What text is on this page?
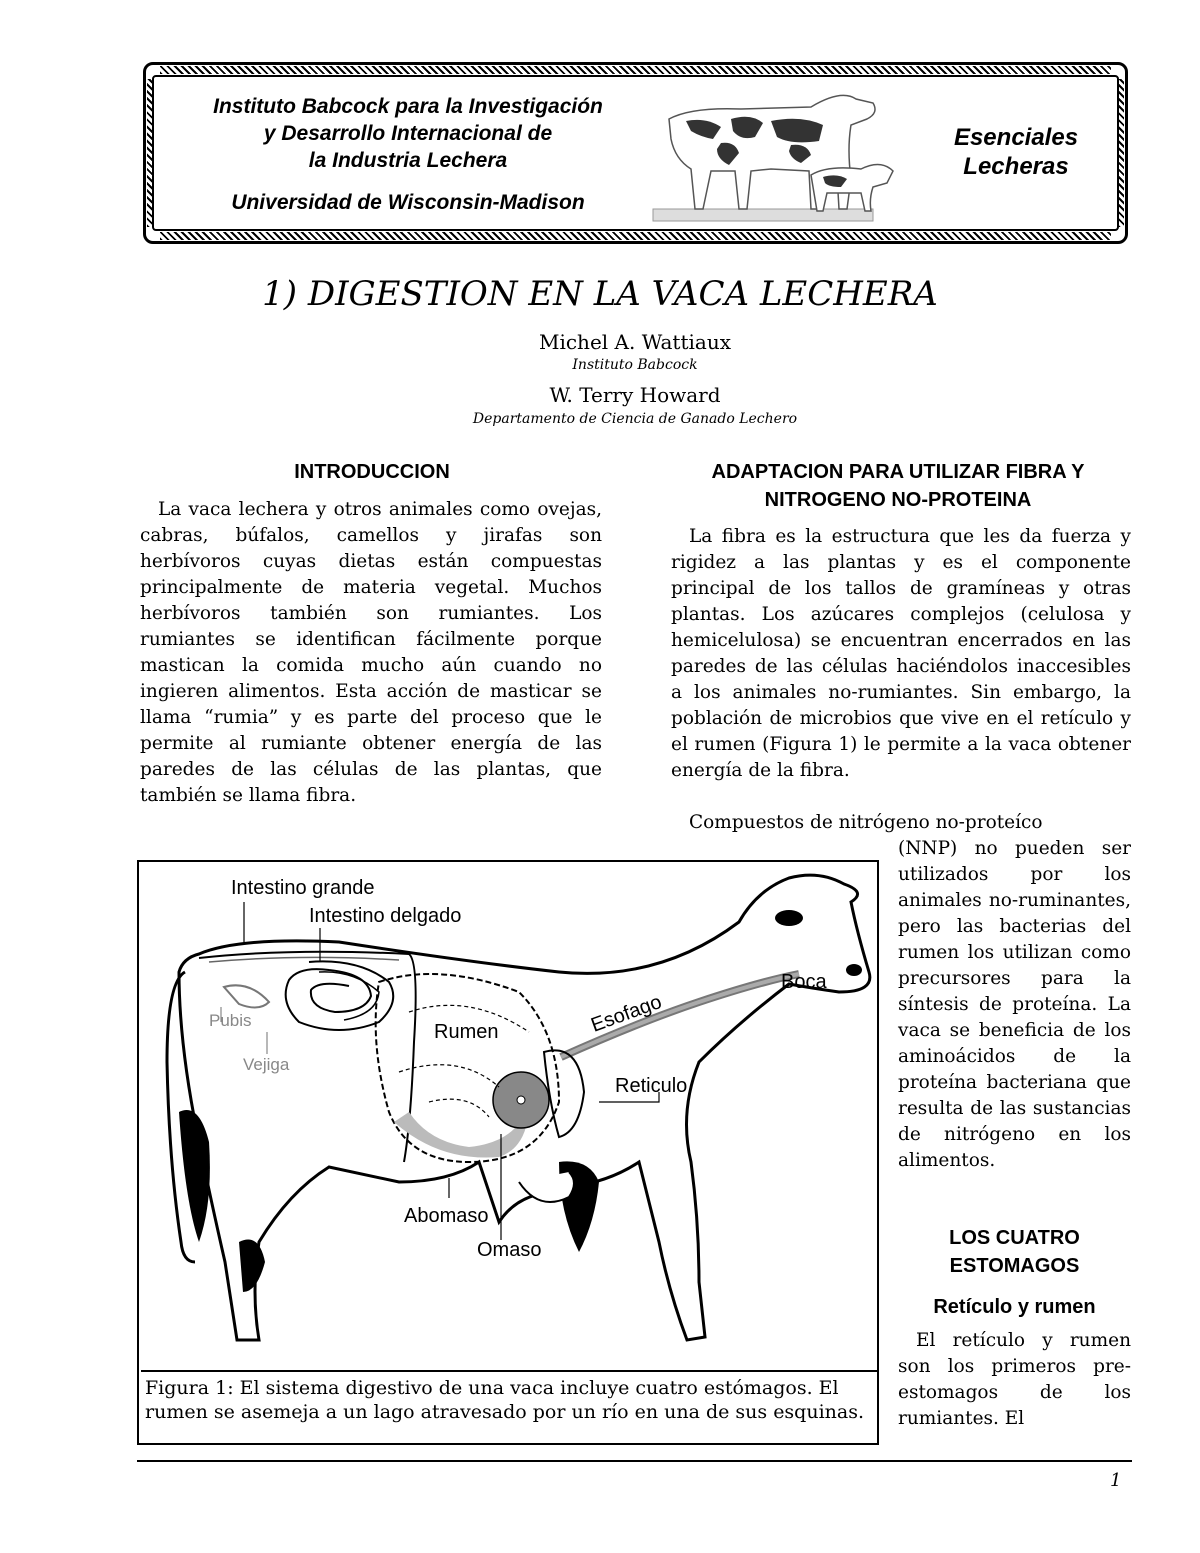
Instituto Babcock para la Investigación
y Desarrollo Internacional de
la Industria Lechera
Universidad de Wisconsin-Madison
Esenciales
Lecheras
1) DIGESTION EN LA VACA LECHERA
Michel A. Wattiaux
Instituto Babcock
W. Terry Howard
Departamento de Ciencia de Ganado Lechero
INTRODUCCION

La vaca lechera y otros animales como ovejas, cabras, búfalos, camellos y jirafas son herbívoros cuyas dietas están compuestas principalmente de materia vegetal. Muchos herbívoros también son rumiantes. Los rumiantes se identifican fácilmente porque mastican la comida mucho aún cuando no ingieren alimentos. Esta acción de masticar se llama “rumia” y es parte del proceso que le permite al rumiante obtener energía de las paredes de las células de las plantas, que también se llama fibra.

ADAPTACION PARA UTILIZAR FIBRA Y
NITROGENO NO-PROTEINA

La fibra es la estructura que les da fuerza y rigidez a las plantas y es el componente principal de los tallos de gramíneas y otras plantas. Los azúcares complejos (celulosa y hemicelulosa) se encuentran encerrados en las paredes de las células haciéndolos inaccesibles a los animales no-rumiantes. Sin embargo, la población de microbios que vive en el retículo y el rumen (Figura 1) le permite a la vaca obtener energía de la fibra.

Compuestos de nitrógeno no-proteíco

(NNP) no pueden ser utilizados por los animales no-ruminantes, pero las bacterias del rumen los utilizan como precursores para la síntesis de proteína. La vaca se beneficia de los aminoácidos de la proteína bacteriana que resulta de las sustancias de nitrógeno en los alimentos.

LOS CUATRO
ESTOMAGOS
Retículo y rumen

El retículo y rumen son los primeros pre-estomagos de los rumiantes. El

Intestino grande
Intestino delgado
Boca
Esofago
Pubis
Rumen
Vejiga
Reticulo
Abomaso
Omaso
Figura 1: El sistema digestivo de una vaca incluye cuatro estómagos. El rumen se asemeja a un lago atravesado por un río en una de sus esquinas.
1
